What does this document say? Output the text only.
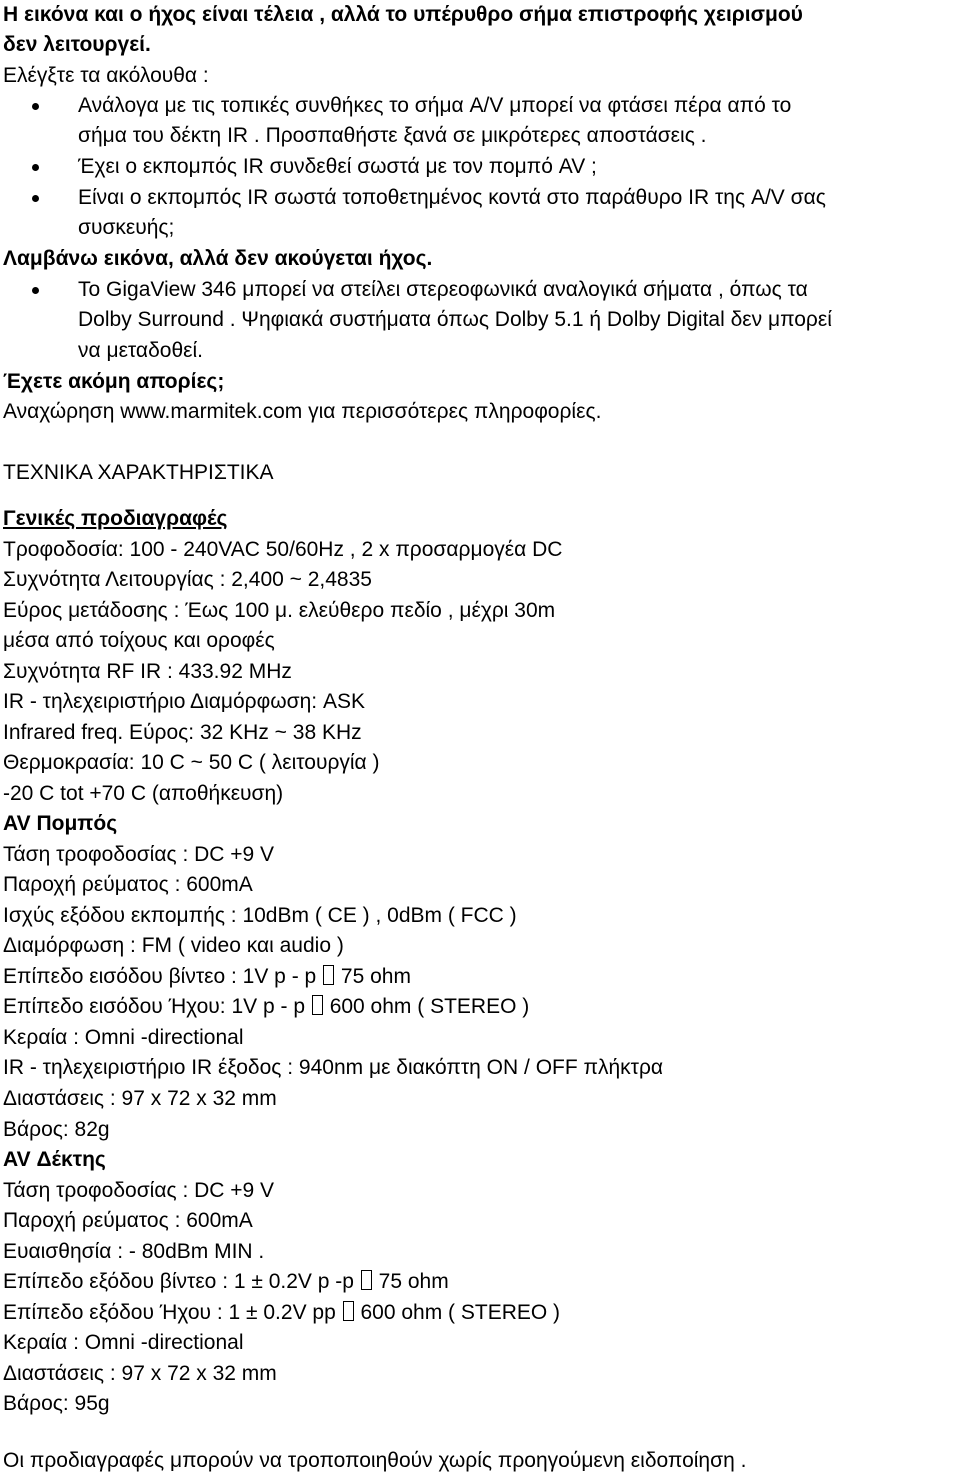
Η εικόνα και ο ήχος είναι τέλεια , αλλά το υπέρυθρο σήμα επιστροφής χειρισμού
δεν λειτουργεί.
Ελέγξτε τα ακόλουθα :
Ανάλογα με τις τοπικές συνθήκες το σήμα A/V μπορεί να φτάσει πέρα από το
σήμα του δέκτη IR . Προσπαθήστε ξανά σε μικρότερες αποστάσεις .
Έχει ο εκπομπός IR συνδεθεί σωστά με τον πομπό AV ;
Είναι ο εκπομπός IR σωστά τοποθετημένος κοντά στο παράθυρο IR της A/V σας
συσκευής;
Λαμβάνω εικόνα, αλλά δεν ακούγεται ήχος.
Το GigaView 346 μπορεί να στείλει στερεοφωνικά αναλογικά σήματα , όπως τα
Dolby Surround . Ψηφιακά συστήματα όπως Dolby 5.1 ή Dolby Digital δεν μπορεί
να μεταδοθεί.
Έχετε ακόμη απορίες;
Αναχώρηση www.marmitek.com για περισσότερες πληροφορίες.
ΤΕΧΝΙΚΑ ΧΑΡΑΚΤΗΡΙΣΤΙΚΑ
Γενικές προδιαγραφές
Τροφοδοσία: 100 - 240VAC 50/60Hz , 2 x προσαρμογέα DC
Συχνότητα Λειτουργίας : 2,400 ~ 2,4835
Εύρος μετάδοσης : Έως 100 μ. ελεύθερο πεδίο , μέχρι 30m
μέσα από τοίχους και οροφές
Συχνότητα RF IR : 433.92 MHz
IR - τηλεχειριστήριο Διαμόρφωση: ASK
Infrared freq. Εύρος: 32 KHz ~ 38 KHz
Θερμοκρασία: 10 C ~ 50 C ( λειτουργία )
-20 C tot +70 C (αποθήκευση)
AV Πομπός
Τάση τροφοδοσίας : DC +9 V
Παροχή ρεύματος : 600mA
Ισχύς εξόδου εκπομπής : 10dBm ( CE ) , 0dBm ( FCC )
Διαμόρφωση : FM ( video και audio )
Επίπεδο εισόδου βίντεο : 1V p - p 75 ohm
Επίπεδο εισόδου Ήχου: 1V p - p 600 ohm ( STEREO )
Κεραία : Omni -directional
IR - τηλεχειριστήριο IR έξοδος : 940nm με διακόπτη ON / OFF πλήκτρα
Διαστάσεις : 97 x 72 x 32 mm
Βάρος: 82g
AV Δέκτης
Τάση τροφοδοσίας : DC +9 V
Παροχή ρεύματος : 600mA
Ευαισθησία : - 80dBm MIN .
Επίπεδο εξόδου βίντεο : 1 ± 0.2V p -p 75 ohm
Επίπεδο εξόδου Ήχου : 1 ± 0.2V pp 600 ohm ( STEREO )
Κεραία : Omni -directional
Διαστάσεις : 97 x 72 x 32 mm
Βάρος: 95g
Οι προδιαγραφές μπορούν να τροποποιηθούν χωρίς προηγούμενη ειδοποίηση .
